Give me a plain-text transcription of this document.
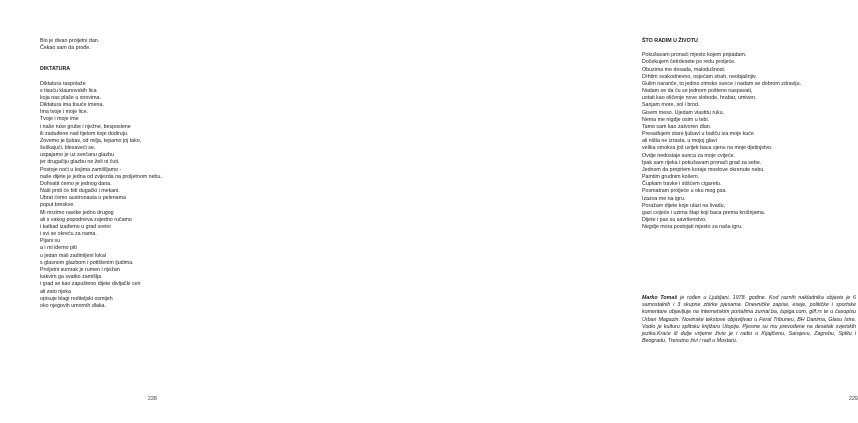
Bio je divan proljetni dan.
Čekao sam da prođe.
DIKTATURA
Diktatura raspolaže
s tisuću klaunovskih lica
koja nas plaše u snovima.
Diktatura ima tisuće imena.
Ima tvoje i moje lice.
Tvoje i moje ime
i naše ruke grube i nježne, besposlene
ili zaduđene nad tijelom koje dodiruju.
Zovemo je ljubav, od milja, tepamo joj tako,
šuškajući, blesaveći se,
uspajamo je uz svečanu glazbu
jer drugačiju glazbu ne želi ni čuti.
Postoje noći u kojima zamišljamo -
naše dijete je jedna od zvijezda na proljetnom nebu.
Dohvatit ćemo je jednog dana.
Naši prsti će biti dugački i mekani.
Ubrat ćemo austronauta u pelenama
poput breskve.
Mi mrzimo navike jedno drugog
ali s vakog popodneva zajedno ručamo
i katkad izađemo u grad sretni
i svi se okreću za nama.
Pijani su
a i mi idemo piti
u jedan mali zadimljeni lokal
s glasnom glazbom i potištenim ljudima.
Proljetni sumrak je rumen i nježan
kakvim ga svatko zamišlja
i grad se kao zapušteno dijete divljački ceri
ali zato rijeka
opisuje blagi roditeljski osmijeh
oko njegovih umornih dlaka.
228
ŠTO RADIM U ŽIVOTU
Pokušavam pronaći mjesto kojem pripadam.
Dočekujem četrdesete po redu proljeće.
Obuzima me dosada, malodušnost.
Drhtim svakodnevno, osjećam strah, neobjašnjiv.
Gulim naranče, to jedino zimsko sunce i nadam se dobrom zdravlju.
Nadam se da ću se jednom pošteno naspavati,
ustati kao oličenje nove slobode, hrabar, umiven.
Sanjam more, sol i brod.
Gisem meso. Ujedam vlastitu ruku.
Nema me nigdje osim u tebi.
Tamo sam kao zatvoren dlan.
Presađujem stare ljubavi u bašču iza moje kuće
ali ništa ne izrasta, u mojoj glavi
velika smokva još uvijek baca sjenu na moje djetinjstvo.
Ovdje nedostaje sunca za moje cvijeće.
Ipak sam rijeka i pokušavam pronaći grad za sebe.
Jednom da prepriem koraje mostove okrenute nebu.
Pamtim grudnim košem.
Čupkam travke i stišćem cigaretu.
Posmatram proljeće u oku mog psa.
Izazva me na igru.
Poražam dijete koje ulazi na livadu,
gazi cvijeće i uzima štap koji baca prema krošnjama.
Dijete i pas su savršenstvo.
Negdje mora postojati mjesto za naša igru.
Marko Tomaš je rođen u Ljubljani, 1978. godine. Kod raznih nakladnika objavio je 6 samostalnih i 3 skupne zbirke pjesama. Dnevničke zapise, eseje, političke i sportske komentare objavljuje na internetskim portalima zurnal.ba, lupiga.com, gilf.rs te u časopisu Urban Magazin. Novinske tekstove objavljivao u Feral Tribuneu, BH Danima, Glasu Istre. Vodio je kulturu splitsku knjižaru Utopija. Pjesme su mu prevođene na desetak svjetskih jezika.Kraće ili dulje vrijeme živio je i radio u Kijajičenu, Sarajevu, Zagrebu, Splitu i Beogradu. Trenutno živi i radi u Mostaru.
229
